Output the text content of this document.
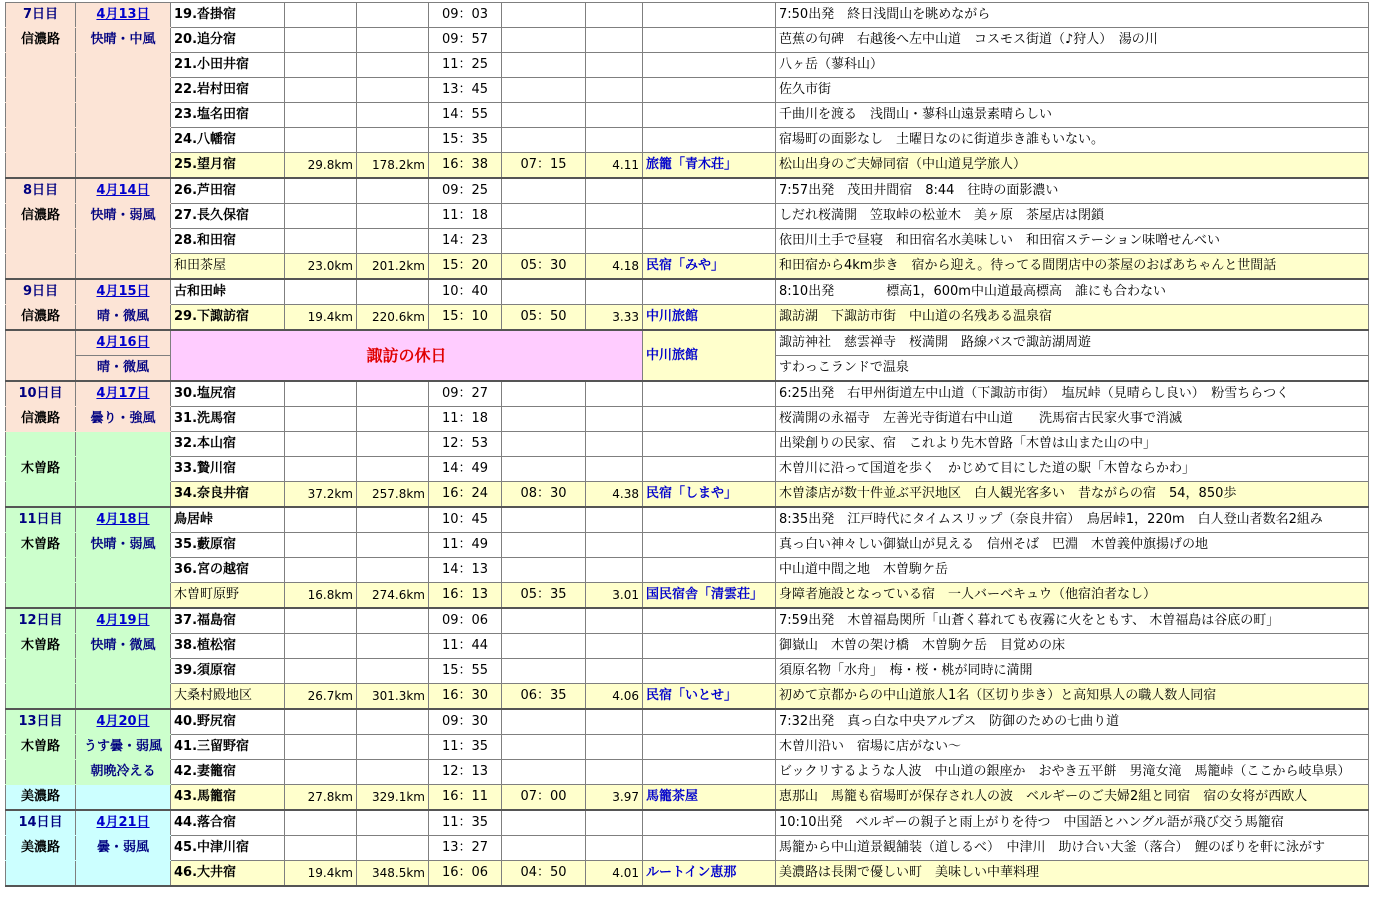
7日目	4月13日	19.沓掛宿			09：03				7:50出発　終日浅間山を眺めながら
信濃路	快晴・中風	20.追分宿			09：57				芭蕉の句碑　右越後へ左中山道　コスモス街道（♪狩人）　湯の川
		21.小田井宿			11：25				八ヶ岳（蓼科山）
		22.岩村田宿			13：45				佐久市街
		23.塩名田宿			14：55				千曲川を渡る　浅間山・蓼科山遠景素晴らしい
		24.八幡宿			15：35				宿場町の面影なし　土曜日なのに街道歩き誰もいない。
		25.望月宿	29.8km	178.2km	16：38	07：15	4.11	旅籠「青木荘」	松山出身のご夫婦同宿（中山道見学旅人）
8日目	4月14日	26.芦田宿			09：25				7:57出発　茂田井間宿　8:44　往時の面影濃い
信濃路	快晴・弱風	27.長久保宿			11：18				しだれ桜満開　笠取峠の松並木　美ヶ原　茶屋店は閉鎖
		28.和田宿			14：23				依田川土手で昼寝　和田宿名水美味しい　和田宿ステーション味噌せんべい
		和田茶屋	23.0km	201.2km	15：20	05：30	4.18	民宿「みや」	和田宿から4km歩き　宿から迎え。待ってる間閉店中の茶屋のおばあちゃんと世間話
9日目	4月15日	古和田峠			10：40				8:10出発　　　　標高1，600m中山道最高標高　誰にも合わない
信濃路	晴・微風	29.下諏訪宿	19.4km	220.6km	15：10	05：50	3.33	中川旅館	諏訪湖　下諏訪市街　中山道の名残ある温泉宿
	4月16日	諏訪の休日						中川旅館	諏訪神社　慈雲禅寺　桜満開　路線バスで諏訪湖周遊
	晴・微風								すわっこランドで温泉
10日目	4月17日	30.塩尻宿			09：27				6:25出発　右甲州街道左中山道（下諏訪市街）　塩尻峠（見晴らし良い）　粉雪ちらつく
信濃路	曇り・強風	31.洗馬宿			11：18				桜満開の永福寺　左善光寺街道右中山道　　洗馬宿古民家火事で消滅
		32.本山宿			12：53				出梁創りの民家、宿　これより先木曽路「木曽は山また山の中」
木曽路		33.贄川宿			14：49				木曽川に沿って国道を歩く　かじめて目にした道の駅「木曽ならかわ」
		34.奈良井宿	37.2km	257.8km	16：24	08：30	4.38	民宿「しまや」	木曽漆店が数十件並ぶ平沢地区　白人観光客多い　昔ながらの宿　54，850歩
11日目	4月18日	鳥居峠			10：45				8:35出発　江戸時代にタイムスリップ（奈良井宿）　鳥居峠1，220m　白人登山者数名2組み
木曽路	快晴・弱風	35.藪原宿			11：49				真っ白い神々しい御嶽山が見える　信州そば　巴淵　木曽義仲旗揚げの地
		36.宮の越宿			14：13				中山道中間之地　木曽駒ケ岳
		木曽町原野	16.8km	274.6km	16：13	05：35	3.01	国民宿舎「清雲荘」	身障者施設となっている宿　一人バーベキュウ（他宿泊者なし）
12日目	4月19日	37.福島宿			09：06				7:59出発　木曽福島関所「山蒼く暮れても夜霧に火をともす、 木曽福島は谷底の町」
木曽路	快晴・微風	38.植松宿			11：44				御嶽山　木曽の架け橋　木曽駒ケ岳　目覚めの床
		39.須原宿			15：55				須原名物「水舟」　梅・桜・桃が同時に満開
		大桑村殿地区	26.7km	301.3km	16：30	06：35	4.06	民宿「いとせ」	初めて京都からの中山道旅人1名（区切り歩き）と高知県人の職人数人同宿
13日目	4月20日	40.野尻宿			09：30				7:32出発　真っ白な中央アルプス　防御のための七曲り道
木曽路	うす曇・弱風	41.三留野宿			11：35				木曽川沿い　宿場に店がない～
	朝晩冷える	42.妻籠宿			12：13				ビックリするような人波　中山道の銀座か　おやき五平餅　男滝女滝　馬籠峠（ここから岐阜県）
美濃路		43.馬籠宿	27.8km	329.1km	16：11	07：00	3.97	馬籠茶屋	恵那山　馬籠も宿場町が保存され人の波　ベルギーのご夫婦2組と同宿　宿の女将が西欧人
14日目	4月21日	44.落合宿			11：35				10:10出発　ベルギーの親子と雨上がりを待つ　中国語とハングル語が飛び交う馬籠宿
美濃路	曇・弱風	45.中津川宿			13：27				馬籠から中山道景観舗装（道しるべ）　中津川　助け合い大釜（落合）　鯉のぼりを軒に泳がす
		46.大井宿	19.4km	348.5km	16：06	04：50	4.01	ルートイン恵那	美濃路は長閑で優しい町　美味しい中華料理
